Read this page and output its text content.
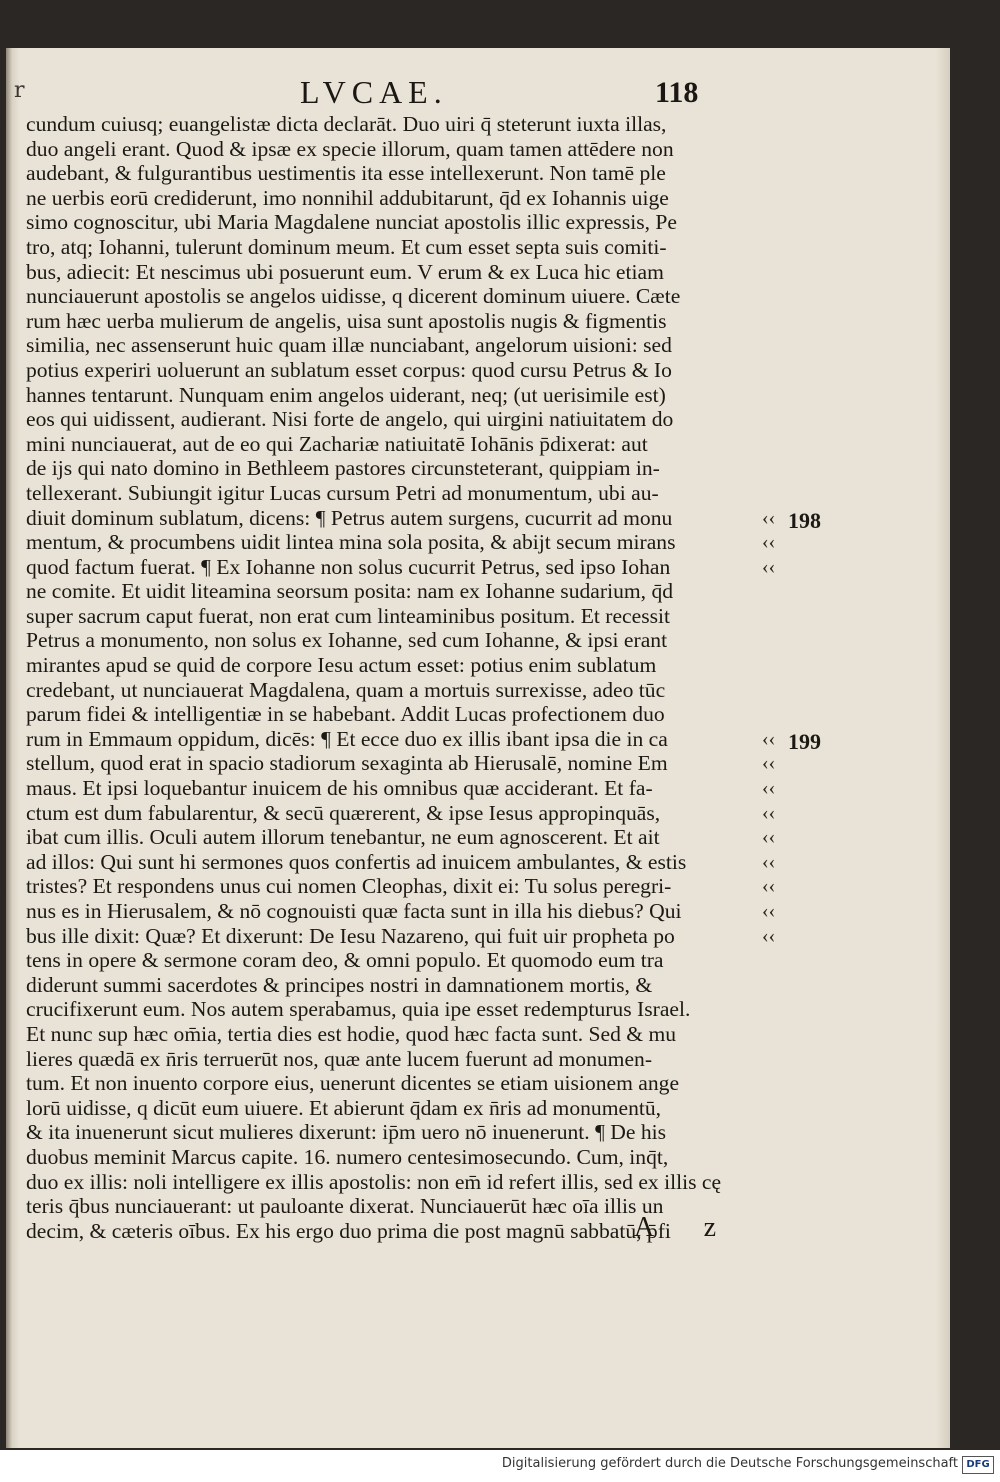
r	LVCAE.	118
cundum cuiusq; euangelistæ dicta declarāt. Duo uiri q̄ steterunt iuxta illas,
duo angeli erant. Quod & ipsæ ex specie illorum, quam tamen attēdere non
audebant, & fulgurantibus uestimentis ita esse intellexerunt. Non tamē ple
ne uerbis eorū crediderunt, imo nonnihil addubitarunt, q̄d ex Iohannis uige
simo cognoscitur, ubi Maria Magdalene nunciat apostolis illic expressis, Pe
tro, atq; Iohanni, tulerunt dominum meum. Et cum esset septa suis comiti-
bus, adiecit: Et nescimus ubi posuerunt eum. V erum & ex Luca hic etiam
nunciauerunt apostolis se angelos uidisse, q dicerent dominum uiuere. Cæte
rum hæc uerba mulierum de angelis, uisa sunt apostolis nugis & figmentis
similia, nec assenserunt huic quam illæ nunciabant, angelorum uisioni: sed
potius experiri uoluerunt an sublatum esset corpus: quod cursu Petrus & Io
hannes tentarunt. Nunquam enim angelos uiderant, neq; (ut uerisimile est)
eos qui uidissent, audierant. Nisi forte de angelo, qui uirgini natiuitatem do
mini nunciauerat, aut de eo qui Zachariæ natiuitatē Iohānis p̄dixerat: aut
de ijs qui nato domino in Bethleem pastores circunsteterant, quippiam in-
tellexerant. Subiungit igitur Lucas cursum Petri ad monumentum, ubi au-
diuit dominum sublatum, dicens: ¶ Petrus autem surgens, cucurrit ad monu
mentum, & procumbens uidit lintea mina sola posita, & abijt secum mirans
quod factum fuerat. ¶ Ex Iohanne non solus cucurrit Petrus, sed ipso Iohan
ne comite. Et uidit liteamina seorsum posita: nam ex Iohanne sudarium, q̄d
super sacrum caput fuerat, non erat cum linteaminibus positum. Et recessit
Petrus a monumento, non solus ex Iohanne, sed cum Iohanne, & ipsi erant
mirantes apud se quid de corpore Iesu actum esset: potius enim sublatum
credebant, ut nunciauerat Magdalena, quam a mortuis surrexisse, adeo tūc
parum fidei & intelligentiæ in se habebant. Addit Lucas profectionem duo
rum in Emmaum oppidum, dicēs: ¶ Et ecce duo ex illis ibant ipsa die in ca
stellum, quod erat in spacio stadiorum sexaginta ab Hierusalē, nomine Em
maus. Et ipsi loquebantur inuicem de his omnibus quæ acciderant. Et fa-
ctum est dum fabularentur, & secū quærerent, & ipse Iesus appropinquās,
ibat cum illis. Oculi autem illorum tenebantur, ne eum agnoscerent. Et ait
ad illos: Qui sunt hi sermones quos confertis ad inuicem ambulantes, & estis
tristes? Et respondens unus cui nomen Cleophas, dixit ei: Tu solus peregri-
nus es in Hierusalem, & nō cognouisti quæ facta sunt in illa his diebus? Qui
bus ille dixit: Quæ? Et dixerunt: De Iesu Nazareno, qui fuit uir propheta po
tens in opere & sermone coram deo, & omni populo. Et quomodo eum tra
diderunt summi sacerdotes & principes nostri in damnationem mortis, &
crucifixerunt eum. Nos autem sperabamus, quia ipe esset redempturus Israel.
Et nunc sup hæc om̄ia, tertia dies est hodie, quod hæc facta sunt. Sed & mu
lieres quædā ex n̄ris terruerūt nos, quæ ante lucem fuerunt ad monumen-
tum. Et non inuento corpore eius, uenerunt dicentes se etiam uisionem ange
lorū uidisse, q dicūt eum uiuere. Et abierunt q̄dam ex n̄ris ad monumentū,
& ita inuenerunt sicut mulieres dixerunt: ip̄m uero nō inuenerunt. ¶ De his
duobus meminit Marcus capite. 16. numero centesimosecundo. Cum, inq̄t,
duo ex illis: noli intelligere ex illis apostolis: non em̄ id refert illis, sed ex illis cę
teris q̄bus nunciauerant: ut pauloante dixerat. Nunciauerūt hæc oīa illis un
decim, & cæteris oībus. Ex his ergo duo prima die post magnū sabbatū, p̄fi
‹‹
‹‹
‹‹
‹‹
‹‹
‹‹
‹‹
‹‹
‹‹
‹‹
‹‹
‹‹
198
199
A z
Digitalisierung gefördert durch die Deutsche Forschungsgemeinschaft DFG
